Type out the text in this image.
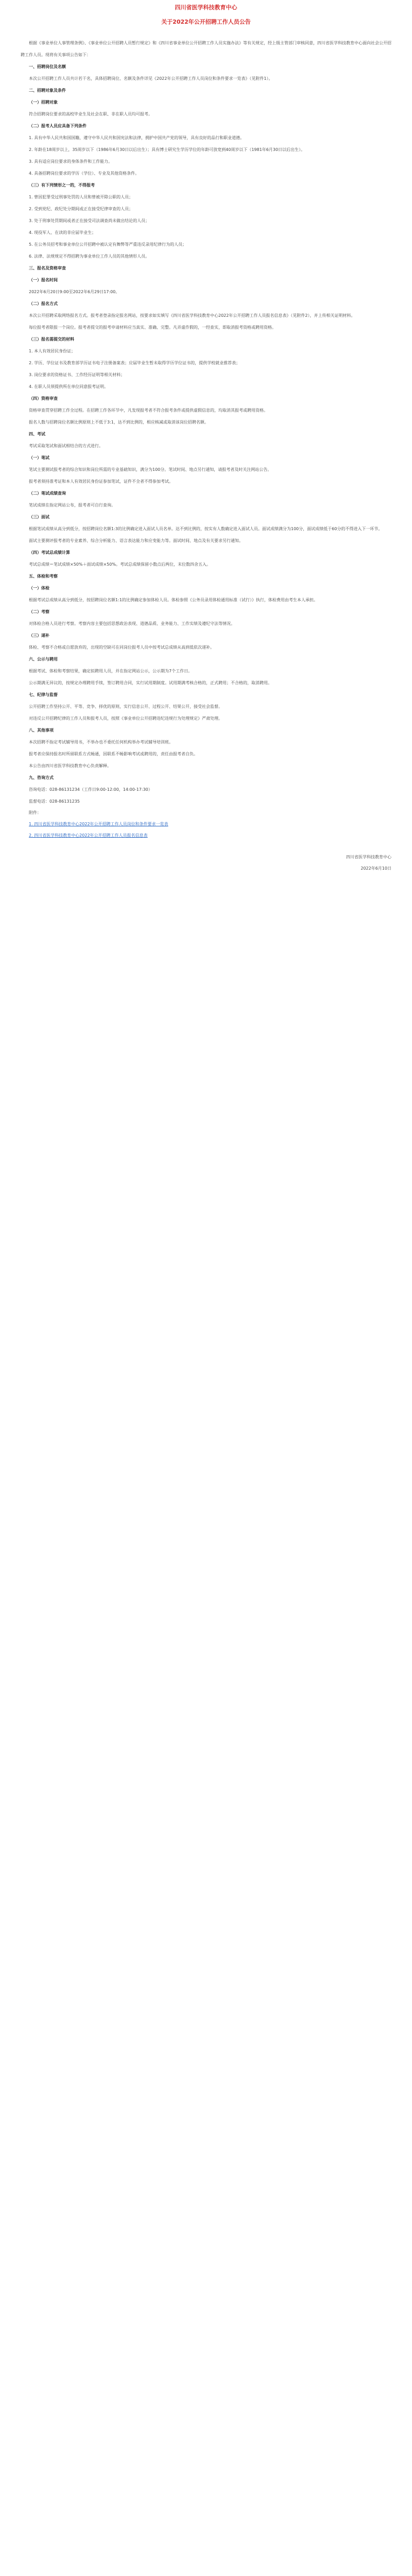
四川省医学科技教育中心
关于2022年公开招聘工作人员公告

根据《事业单位人事管理条例》、《事业单位公开招聘人员暂行规定》和《四川省事业单位公开招聘工作人员实施办法》等有关规定，经上级主管部门审核同意，四川省医学科技教育中心面向社会公开招聘工作人员。现将有关事项公告如下：

一、招聘岗位及名额

本次公开招聘工作人员共计若干名，具体招聘岗位、名额及条件详见《2022年公开招聘工作人员岗位和条件要求一览表》（见附件1）。

二、招聘对象及条件

（一）招聘对象

符合招聘岗位要求的高校毕业生及社会在职、非在职人员均可报考。

（二）报考人员应具备下列条件

1. 具有中华人民共和国国籍，遵守中华人民共和国宪法和法律，拥护中国共产党的领导，具有良好的品行和职业道德。

2. 年龄在18周岁以上，35周岁以下（1986年6月30日以后出生）；具有博士研究生学历学位的年龄可放宽到40周岁以下（1981年6月30日以后出生）。

3. 具有适应岗位要求的身体条件和工作能力。

4. 具备招聘岗位要求的学历（学位）、专业及其他资格条件。

（三）有下列情形之一的，不得报考

1. 曾因犯罪受过刑事处罚的人员和曾被开除公职的人员；

2. 受到党纪、政纪处分期间或正在接受纪律审查的人员；

3. 处于刑事处罚期间或者正在接受司法调查尚未做出结论的人员；

4. 现役军人、在读的非应届毕业生；

5. 在公务员招考和事业单位公开招聘中被认定有舞弊等严重违反录用纪律行为的人员；

6. 法律、法规规定不得招聘为事业单位工作人员的其他情形人员。

三、报名及资格审查

（一）报名时间

2022年6月20日9:00至2022年6月29日17:00。

（二）报名方式

本次公开招聘采取网络报名方式。报考者登录指定报名网站，按要求如实填写《四川省医学科技教育中心2022年公开招聘工作人员报名信息表》（见附件2），并上传相关证明材料。

每位报考者限报一个岗位。报考者提交的报考申请材料应当真实、准确、完整。凡弄虚作假的，一经查实，即取消报考资格或聘用资格。

（三）报名需提交的材料

1. 本人有效居民身份证；

2. 学历、学位证书及教育部学历证书电子注册备案表；应届毕业生暂未取得学历学位证书的，提供学校就业推荐表；

3. 岗位要求的资格证书、工作经历证明等相关材料；

4. 在职人员须提供所在单位同意报考证明。

（四）资格审查

资格审查贯穿招聘工作全过程。在招聘工作各环节中，凡发现报考者不符合报考条件或提供虚假信息的，均取消其报考或聘用资格。

报名人数与招聘岗位名额比例原则上不低于3:1，达不到比例的，相应核减或取消该岗位招聘名额。

四、考试

考试采取笔试和面试相结合的方式进行。

（一）笔试

笔试主要测试报考者的综合知识和岗位所需的专业基础知识，满分为100分。笔试时间、地点另行通知，请报考者及时关注网站公告。

报考者须持准考证和本人有效居民身份证参加笔试，证件不全者不得参加考试。

（二）笔试成绩查询

笔试成绩在指定网站公布，报考者可自行查询。

（三）面试

根据笔试成绩从高分到低分，按招聘岗位名额1:3的比例确定进入面试人员名单。达不到比例的，按实有人数确定进入面试人员。面试成绩满分为100分，面试成绩低于60分的不得进入下一环节。

面试主要测评报考者的专业素养、综合分析能力、语言表达能力和应变能力等。面试时间、地点及有关要求另行通知。

（四）考试总成绩计算

考试总成绩＝笔试成绩×50%＋面试成绩×50%。考试总成绩保留小数点后两位，末位数四舍五入。

五、体检和考察

（一）体检

根据考试总成绩从高分到低分，按招聘岗位名额1:1的比例确定参加体检人员。体检参照《公务员录用体检通用标准（试行）》执行，体检费用由考生本人承担。

（二）考察

对体检合格人员进行考察。考察内容主要包括思想政治表现、道德品质、业务能力、工作实绩及遵纪守法等情况。

（三）递补

体检、考察不合格或自愿放弃的，出现的空缺可在同岗位报考人员中按考试总成绩从高到低依次递补。

六、公示与聘用

根据考试、体检和考察结果，确定拟聘用人员，并在指定网站公示，公示期为7个工作日。

公示期满无异议的，按规定办理聘用手续，签订聘用合同，实行试用期制度。试用期满考核合格的，正式聘用；不合格的，取消聘用。

七、纪律与监督

公开招聘工作坚持公开、平等、竞争、择优的原则，实行信息公开、过程公开、结果公开，接受社会监督。

对违反公开招聘纪律的工作人员和报考人员，按照《事业单位公开招聘违纪违规行为处理规定》严肃处理。

八、其他事项

本次招聘不指定考试辅导用书，不举办也不委托任何机构举办考试辅导培训班。

报考者应保持报名时所留联系方式畅通，因联系不畅影响考试或聘用的，责任由报考者自负。

本公告由四川省医学科技教育中心负责解释。

九、咨询方式

咨询电话：028-86131234（工作日9:00-12:00，14:00-17:30）

监督电话：028-86131235

附件：
1. 四川省医学科技教育中心2022年公开招聘工作人员岗位和条件要求一览表
2. 四川省医学科技教育中心2022年公开招聘工作人员报名信息表
四川省医学科技教育中心
2022年6月10日
